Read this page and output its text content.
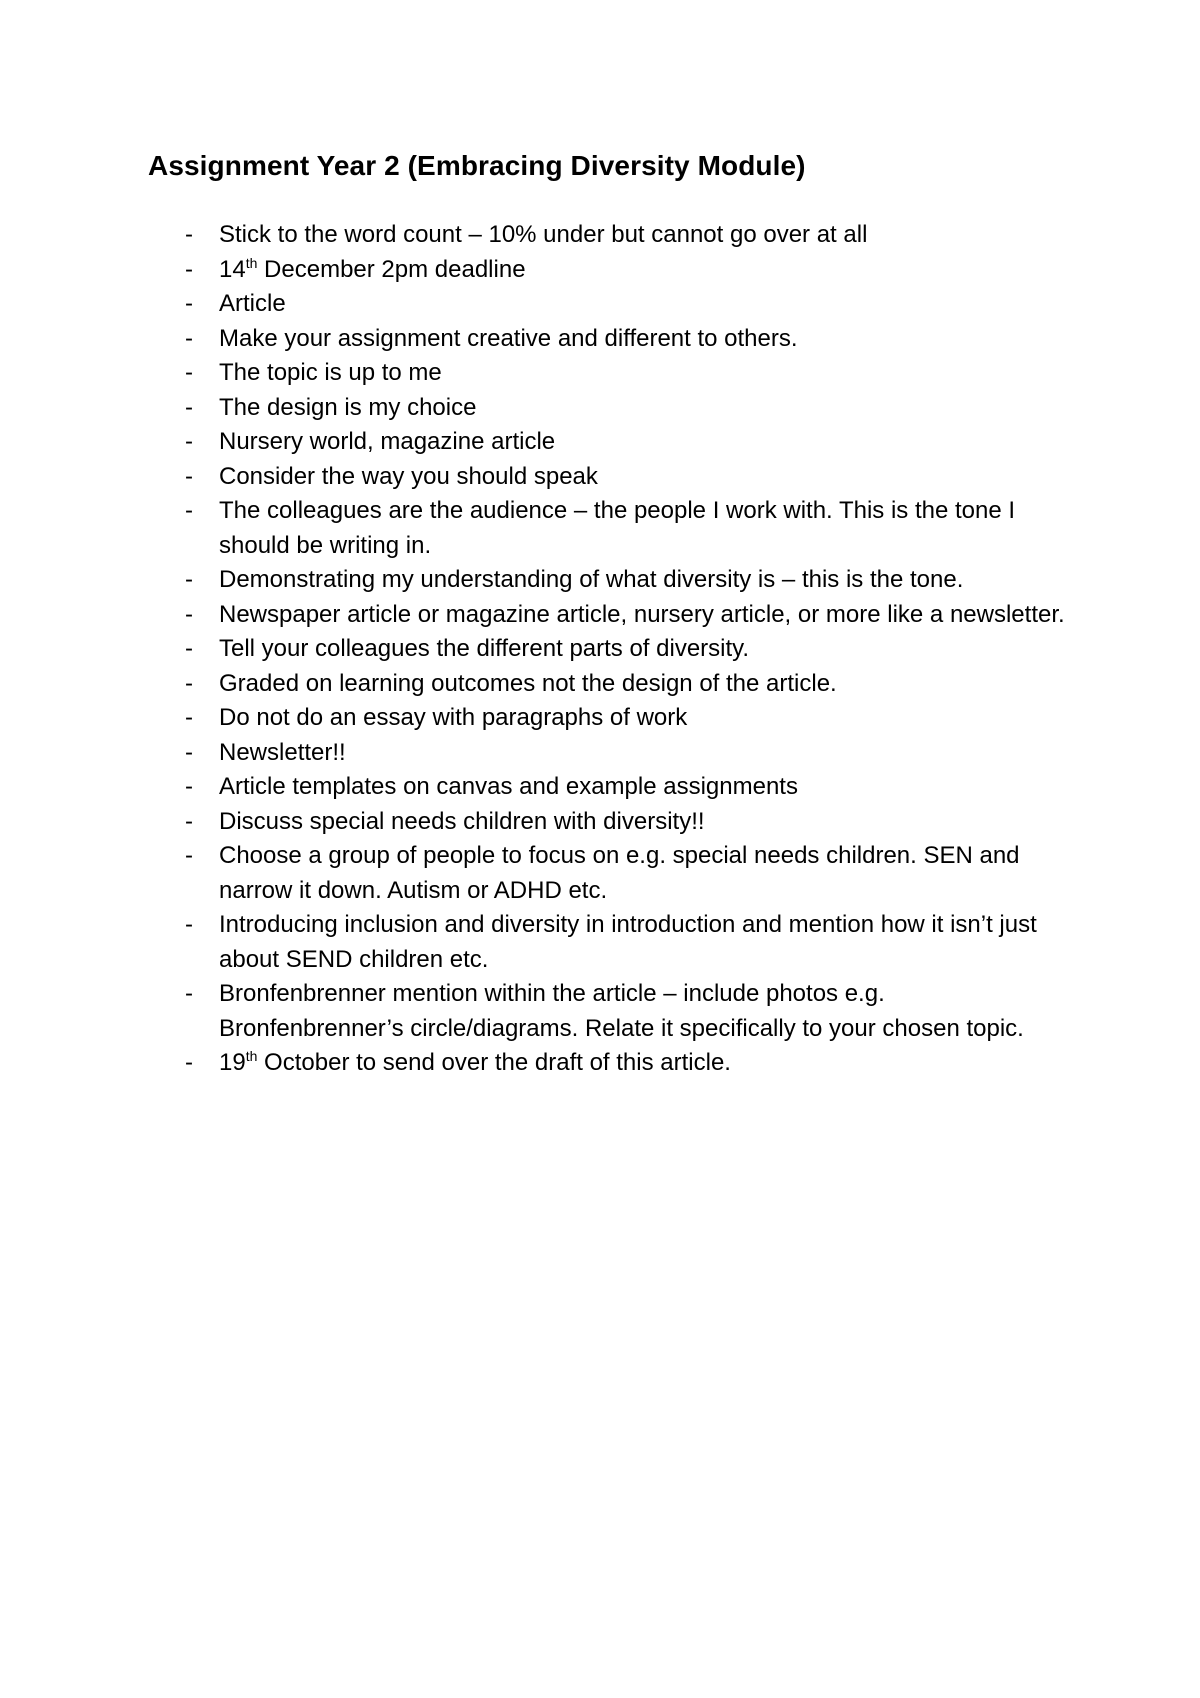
Assignment Year 2 (Embracing Diversity Module)
- Stick to the word count – 10% under but cannot go over at all
- 14th December 2pm deadline
- Article
- Make your assignment creative and different to others.
- The topic is up to me
- The design is my choice
- Nursery world, magazine article
- Consider the way you should speak
- The colleagues are the audience – the people I work with. This is the tone I should be writing in.
- Demonstrating my understanding of what diversity is – this is the tone.
- Newspaper article or magazine article, nursery article, or more like a newsletter.
- Tell your colleagues the different parts of diversity.
- Graded on learning outcomes not the design of the article.
- Do not do an essay with paragraphs of work
- Newsletter!!
- Article templates on canvas and example assignments
- Discuss special needs children with diversity!!
- Choose a group of people to focus on e.g. special needs children. SEN and narrow it down. Autism or ADHD etc.
- Introducing inclusion and diversity in introduction and mention how it isn’t just about SEND children etc.
- Bronfenbrenner mention within the article – include photos e.g. Bronfenbrenner’s circle/diagrams. Relate it specifically to your chosen topic.
- 19th October to send over the draft of this article.
